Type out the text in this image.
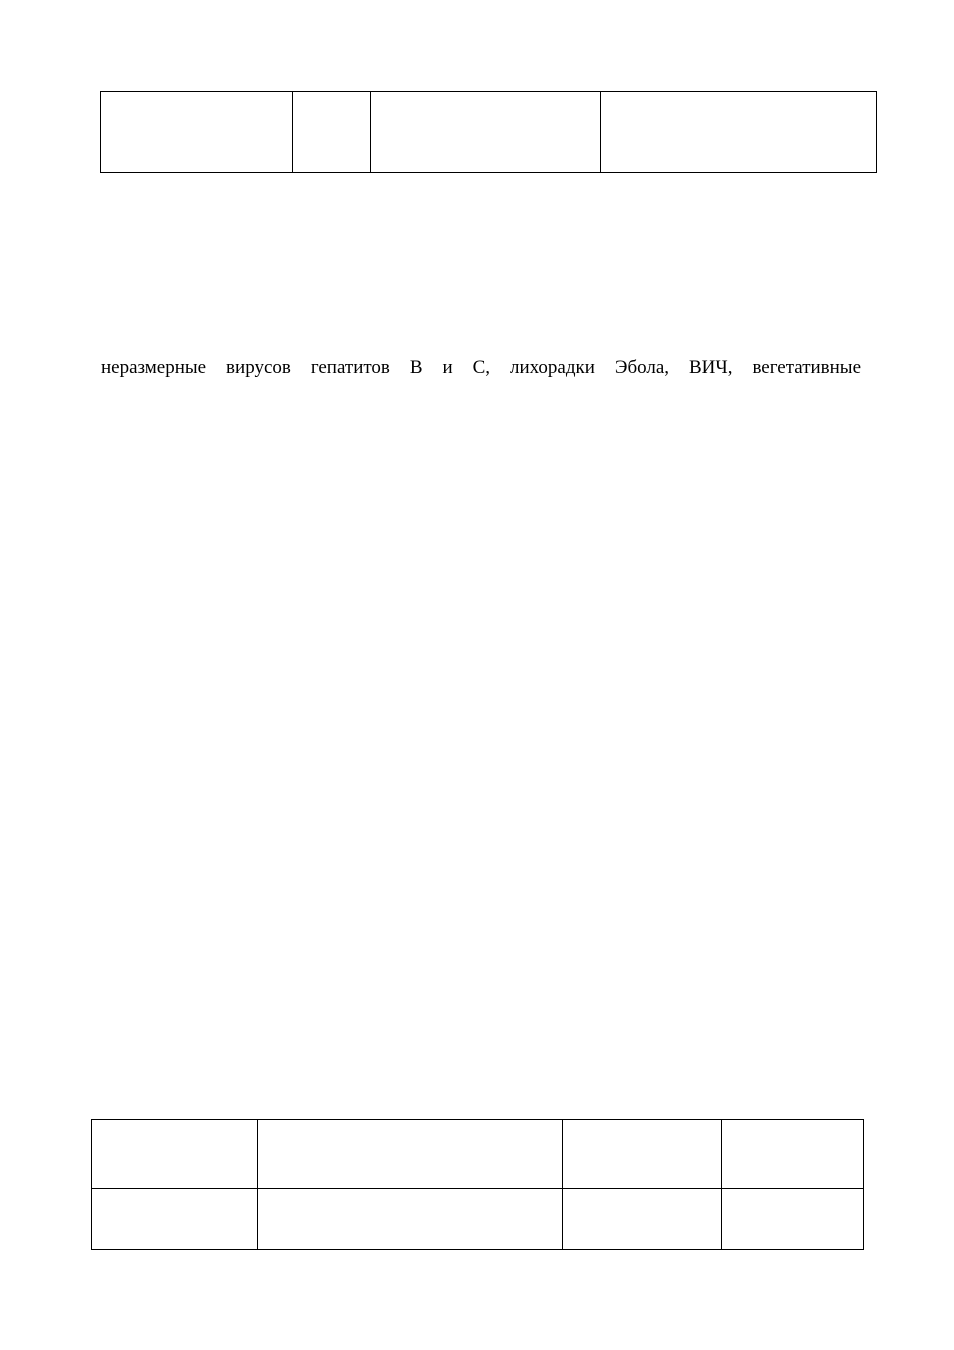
неразмерные вирусов гепатитов В и С, лихорадки Эбола, ВИЧ, вегетативные
